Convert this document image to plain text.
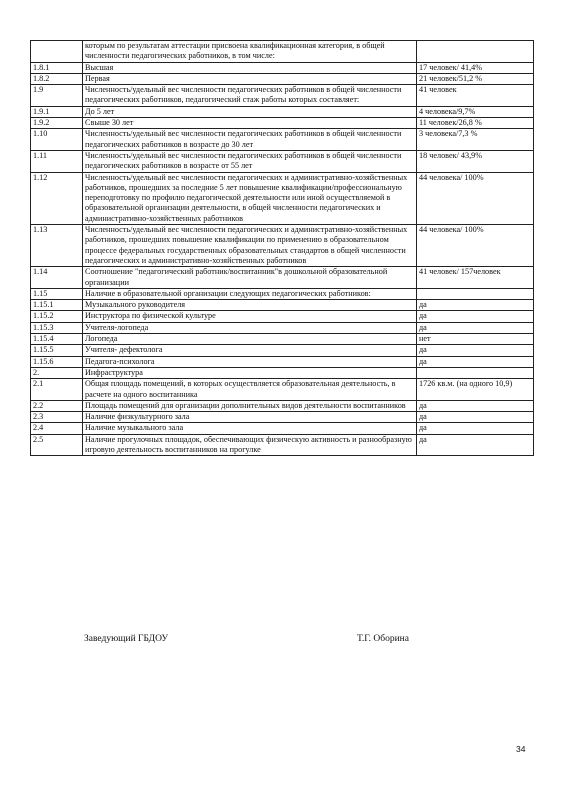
	которым по результатам аттестации присвоена квалификационная категория, в общей численности педагогических работников, в том числе:	
1.8.1	Высшая	17 человек/ 41,4%
1.8.2	Первая	21 человек/51,2 %
1.9	Численность/удельный вес численности педагогических работников в общей численности педагогических работников, педагогический стаж работы которых составляет:	41 человек
1.9.1	До 5 лет	4 человека/9,7%
1.9.2	Свыше 30 лет	11 человек/26,8 %
1.10	Численность/удельный вес численности педагогических работников в общей численности педагогических работников в возрасте до 30 лет	3 человека/7,3 %
1.11	Численность/удельный вес численности педагогических работников в общей численности педагогических работников в возрасте от 55 лет	18 человек/ 43,9%
1.12	Численность/удельный вес численности педагогических и административно-хозяйственных работников, прошедших за последние 5 лет повышение квалификации/профессиональную переподготовку по профилю педагогической деятельности или иной осуществляемой в образовательной организации деятельности, в общей численности педагогических и административно-хозяйственных работников	44 человека/ 100%
1.13	Численность/удельный вес численности педагогических и административно-хозяйственных работников, прошедших повышение квалификации по применению в образовательном процессе федеральных государственных образовательных стандартов в общей численности педагогических и административно-хозяйственных работников	44 человека/ 100%
1.14	Соотношение "педагогический работник/воспитанник"в дошкольной образовательной организации	41 человек/ 157человек
1.15	Наличие в образовательной организации следующих педагогических работников:	
1.15.1	Музыкального руководителя	да
1.15.2	Инструктора по физической культуре	да
1.15.3	Учителя-логопеда	да
1.15.4	Логопеда	нет
1.15.5	Учителя- дефектолога	да
1.15.6	Педагога-психолога	да
2.	Инфраструктура	
2.1	Общая площадь помещений, в которых осуществляется образовательная деятельность, в расчете на одного воспитанника	1726 кв.м. (на одного 10,9)
2.2	Площадь помещений для организации дополнительных видов деятельности воспитанников	да
2.3	Наличие физкультурного зала	да
2.4	Наличие музыкального зала	да
2.5	Наличие прогулочных площадок, обеспечивающих физическую активность и разнообразную игровую деятельность воспитанников на прогулке	да
Заведующий ГБДОУ	Т.Г. Оборина
34
